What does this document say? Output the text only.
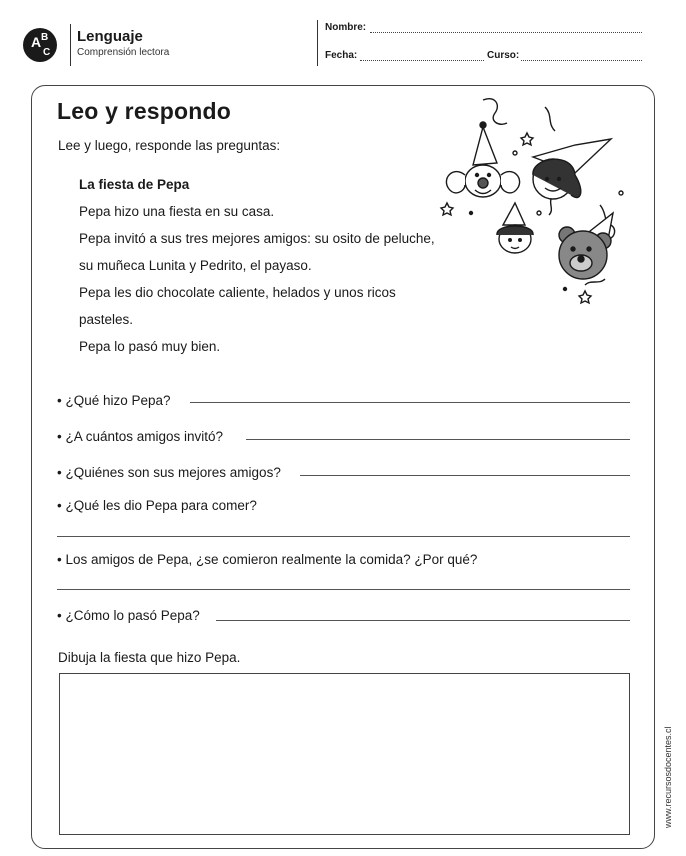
A B
C
Lenguaje
Comprensión lectora
Nombre:
Fecha:	Curso:
Leo y respondo
Lee y luego, responde las preguntas:
La fiesta de Pepa
Pepa hizo una fiesta en su casa.
Pepa invitó a sus tres mejores amigos: su osito de peluche,
su muñeca Lunita y Pedrito, el payaso.
Pepa les dio chocolate caliente, helados y unos ricos
pasteles.
Pepa lo pasó muy bien.
• ¿Qué hizo Pepa?
• ¿A cuántos amigos invitó?
• ¿Quiénes son sus mejores amigos?
• ¿Qué les dio Pepa para comer?
• Los amigos de Pepa, ¿se comieron realmente la comida? ¿Por qué?
• ¿Cómo lo pasó Pepa?
Dibuja la fiesta que hizo Pepa.
www.recursosdocentes.cl
